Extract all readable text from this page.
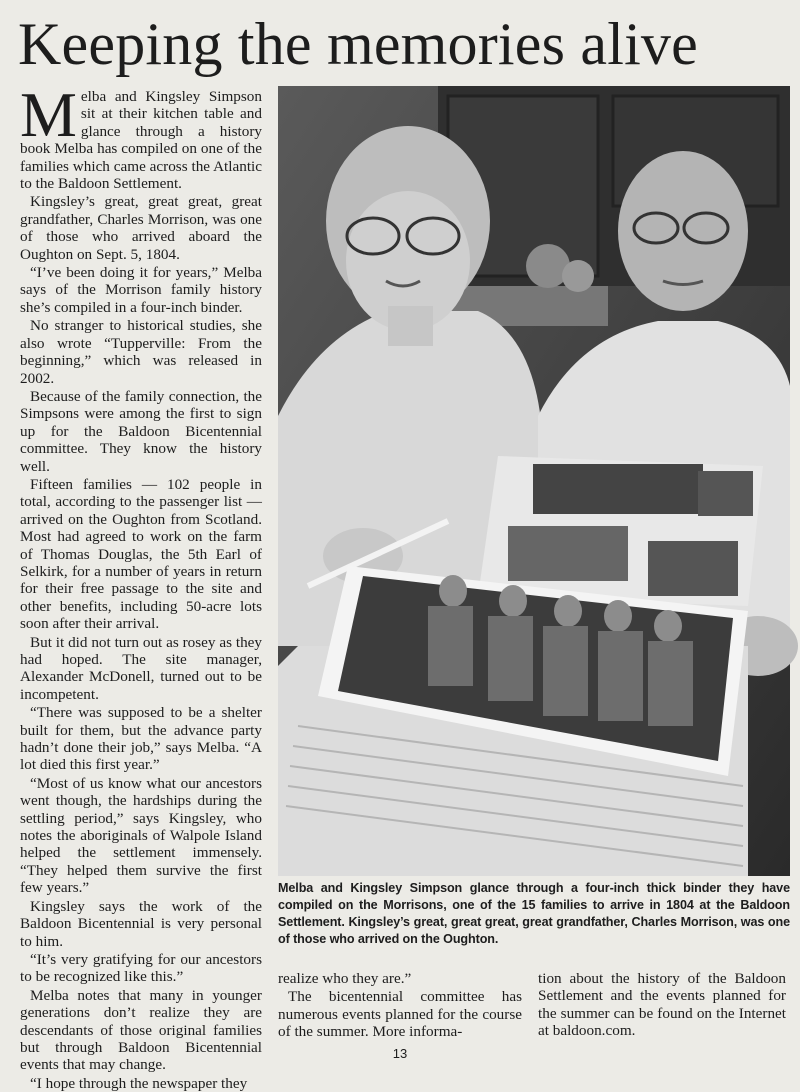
Keeping the memories alive

Melba and Kingsley Simpson sit at their kitchen table and glance through a history book Melba has compiled on one of the families which came across the Atlantic to the Baldoon Settlement.

Kingsley’s great, great great, great grandfather, Charles Morrison, was one of those who arrived aboard the Oughton on Sept. 5, 1804.

“I’ve been doing it for years,” Melba says of the Morrison family history she’s compiled in a four-inch binder.

No stranger to historical studies, she also wrote “Tupperville: From the beginning,” which was released in 2002.

Because of the family connection, the Simpsons were among the first to sign up for the Baldoon Bicentennial committee. They know the history well.

Fifteen families — 102 people in total, according to the passenger list — arrived on the Oughton from Scotland. Most had agreed to work on the farm of Thomas Douglas, the 5th Earl of Selkirk, for a number of years in return for their free passage to the site and other benefits, including 50-acre lots soon after their arrival.

But it did not turn out as rosey as they had hoped. The site manager, Alexander McDonell, turned out to be incompetent.

“There was supposed to be a shelter built for them, but the advance party hadn’t done their job,” says Melba. “A lot died this first year.”

“Most of us know what our ancestors went though, the hardships during the settling period,” says Kingsley, who notes the aboriginals of Walpole Island helped the settlement immensely. “They helped them survive the first few years.”

Kingsley says the work of the Baldoon Bicentennial is very personal to him.

“It’s very gratifying for our ancestors to be recognized like this.”

Melba notes that many in younger generations don’t realize they are descendants of those original families but through Baldoon Bicentennial events that may change.

“I hope through the newspaper they

Melba and Kingsley Simpson glance through a four-inch thick binder they have compiled on the Morrisons, one of the 15 families to arrive in 1804 at the Baldoon Settlement. Kingsley’s great, great great, great grandfather, Charles Morrison, was one of those who arrived on the Oughton.

realize who they are.”

The bicentennial committee has numerous events planned for the course of the summer. More informa-

tion about the history of the Baldoon Settlement and the events planned for the summer can be found on the Internet at baldoon.com.

13
